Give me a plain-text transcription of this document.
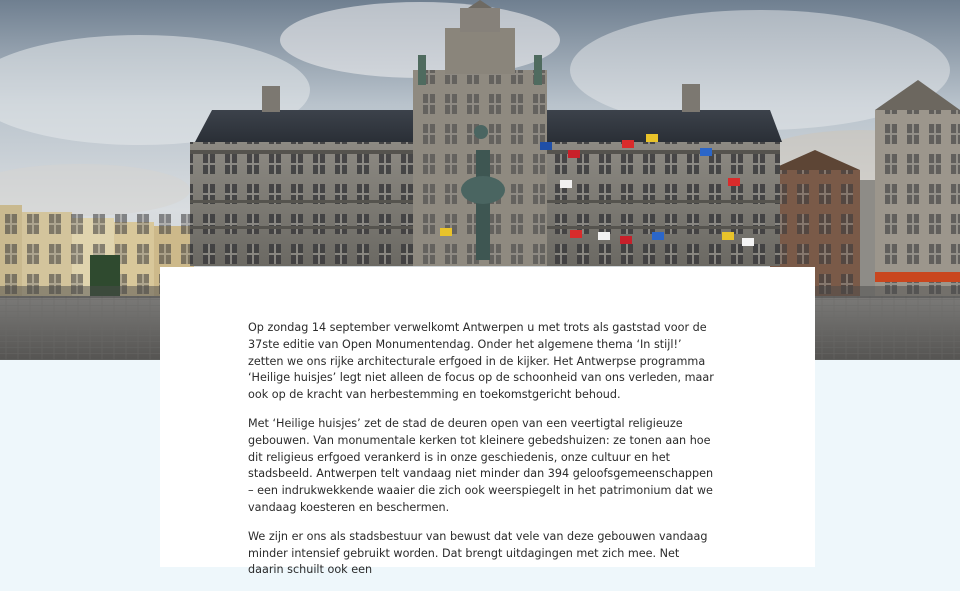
Op zondag 14 september verwelkomt Antwerpen u met trots als gaststad voor de 37ste editie van Open Monumentendag. Onder het algemene thema ‘In stijl!’ zetten we ons rijke architecturale erfgoed in de kijker. Het Antwerpse programma ‘Heilige huisjes’ legt niet alleen de focus op de schoonheid van ons verleden, maar ook op de kracht van herbestemming en toekomstgericht behoud.

Met ‘Heilige huisjes’ zet de stad de deuren open van een veertigtal religieuze gebouwen. Van monumentale kerken tot kleinere gebedshuizen: ze tonen aan hoe dit religieus erfgoed verankerd is in onze geschiedenis, onze cultuur en het stadsbeeld. Antwerpen telt vandaag niet minder dan 394 geloofsgemeenschappen – een indrukwekkende waaier die zich ook weerspiegelt in het patrimonium dat we vandaag koesteren en beschermen.

We zijn er ons als stadsbestuur van bewust dat vele van deze gebouwen vandaag minder intensief gebruikt worden. Dat brengt uitdagingen met zich mee. Net daarin schuilt ook een
